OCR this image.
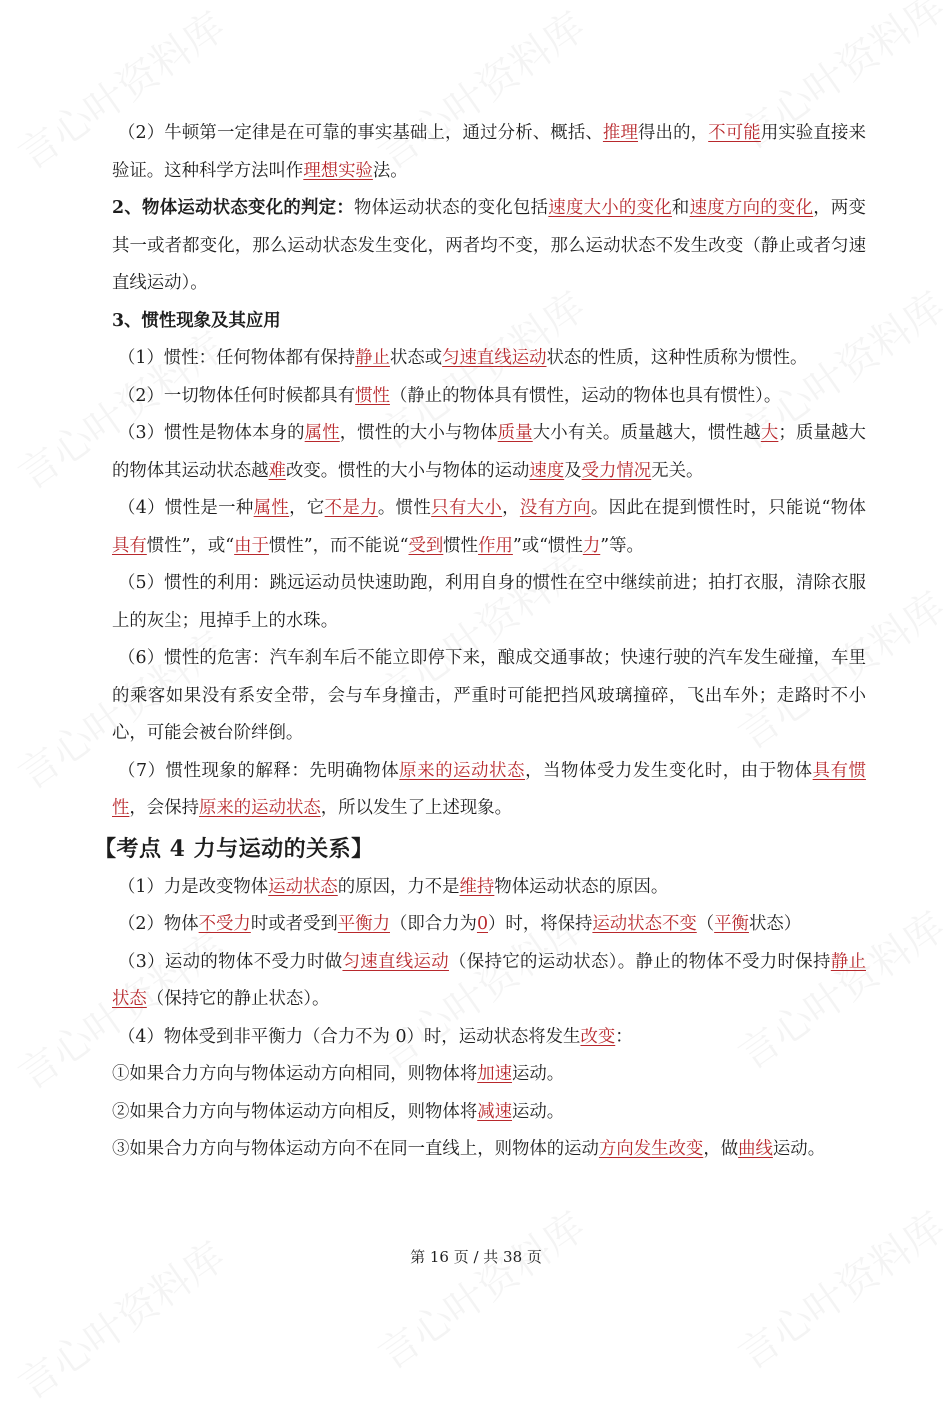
（2）牛顿第一定律是在可靠的事实基础上，通过分析、概括、推理得出的，不可能用实验直接来验证。这种科学方法叫作理想实验法。

2、物体运动状态变化的判定：物体运动状态的变化包括速度大小的变化和速度方向的变化，两变其一或者都变化，那么运动状态发生变化，两者均不变，那么运动状态不发生改变（静止或者匀速直线运动）。

3、惯性现象及其应用

（1）惯性：任何物体都有保持静止状态或匀速直线运动状态的性质，这种性质称为惯性。

（2）一切物体任何时候都具有惯性（静止的物体具有惯性，运动的物体也具有惯性）。

（3）惯性是物体本身的属性，惯性的大小与物体质量大小有关。质量越大，惯性越大；质量越大的物体其运动状态越难改变。惯性的大小与物体的运动速度及受力情况无关。

（4）惯性是一种属性，它不是力。惯性只有大小，没有方向。因此在提到惯性时，只能说“物体具有惯性”，或“由于惯性”，而不能说“受到惯性作用”或“惯性力”等。

（5）惯性的利用：跳远运动员快速助跑，利用自身的惯性在空中继续前进；拍打衣服，清除衣服上的灰尘；甩掉手上的水珠。

（6）惯性的危害：汽车刹车后不能立即停下来，酿成交通事故；快速行驶的汽车发生碰撞，车里的乘客如果没有系安全带，会与车身撞击，严重时可能把挡风玻璃撞碎，飞出车外；走路时不小心，可能会被台阶绊倒。

（7）惯性现象的解释：先明确物体原来的运动状态，当物体受力发生变化时，由于物体具有惯性，会保持原来的运动状态，所以发生了上述现象。

【考点 4 力与运动的关系】

（1）力是改变物体运动状态的原因，力不是维持物体运动状态的原因。

（2）物体不受力时或者受到平衡力（即合力为0）时，将保持运动状态不变（平衡状态）

（3）运动的物体不受力时做匀速直线运动（保持它的运动状态）。静止的物体不受力时保持静止状态（保持它的静止状态）。

（4）物体受到非平衡力（合力不为 0）时，运动状态将发生改变：

①如果合力方向与物体运动方向相同，则物体将加速运动。

②如果合力方向与物体运动方向相反，则物体将减速运动。

③如果合力方向与物体运动方向不在同一直线上，则物体的运动方向发生改变，做曲线运动。

第 16 页 / 共 38 页
